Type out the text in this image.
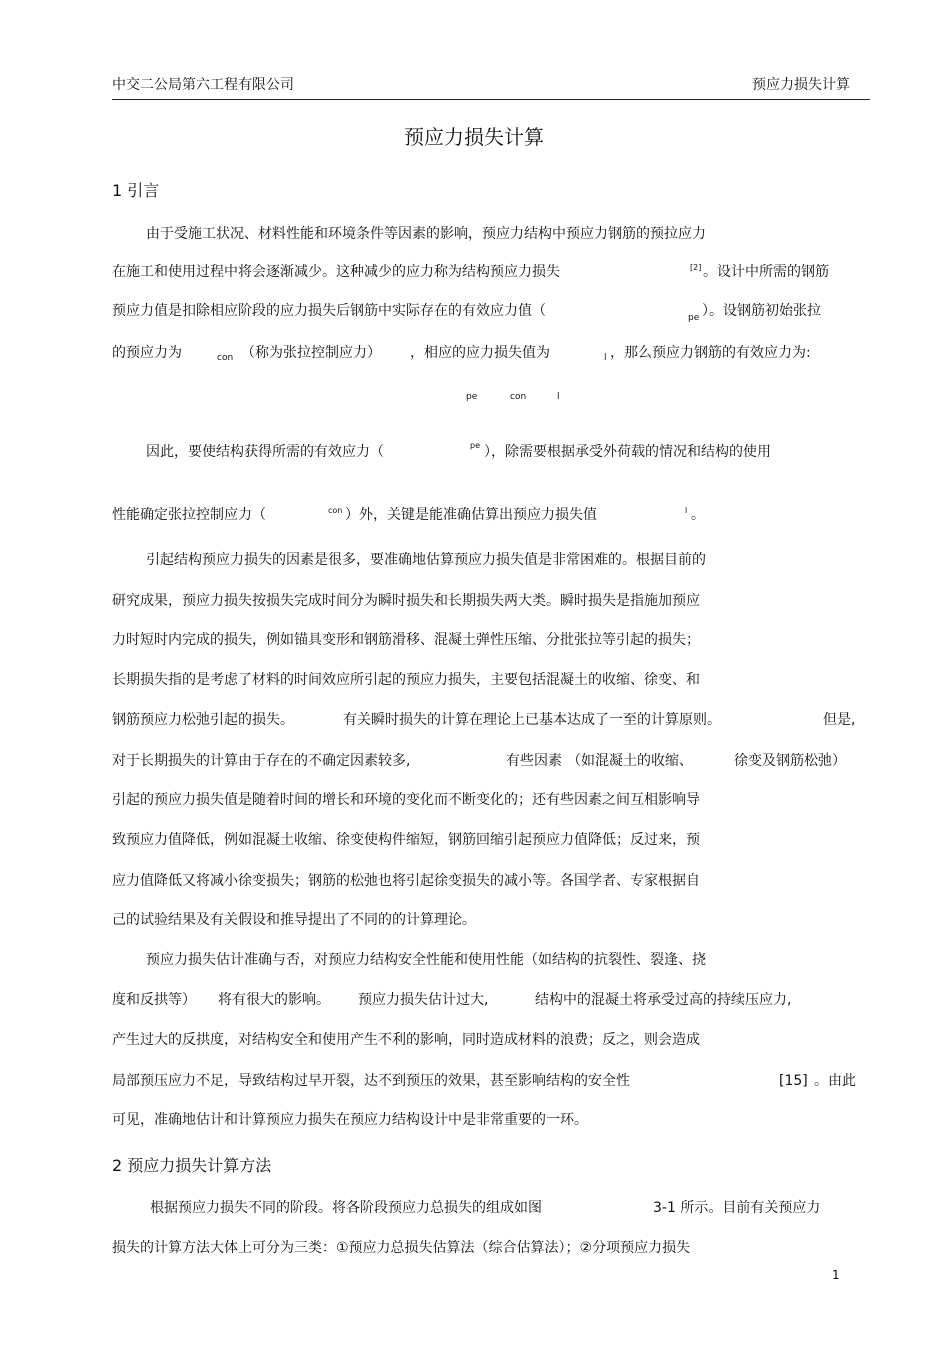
中交二公局第六工程有限公司	预应力损失计算
预应力损失计算
1 引言
由于受施工状况、材料性能和环境条件等因素的影响，预应力结构中预应力钢筋的预拉应力
在施工和使用过程中将会逐渐减少。这种减少的应力称为结构预应力损失	[2] 。设计中所需的钢筋
预应力值是扣除相应阶段的应力损失后钢筋中实际存在的有效应力值（	pe ）。设钢筋初始张拉
的预应力为	con （称为张拉控制应力） ，相应的应力损失值为	l ，那么预应力钢筋的有效应力为:
pe	con	l
因此，要使结构获得所需的有效应力（	pe ），除需要根据承受外荷载的情况和结构的使用
性能确定张拉控制应力（	con ）外，关键是能准确估算出预应力损失值	l 。
引起结构预应力损失的因素是很多，要准确地估算预应力损失值是非常困难的。根据目前的
研究成果，预应力损失按损失完成时间分为瞬时损失和长期损失两大类。瞬时损失是指施加预应
力时短时内完成的损失，例如锚具变形和钢筋滑移、混凝土弹性压缩、分批张拉等引起的损失；
长期损失指的是考虑了材料的时间效应所引起的预应力损失，主要包括混凝土的收缩、徐变、和
钢筋预应力松弛引起的损失。	有关瞬时损失的计算在理论上已基本达成了一至的计算原则。	但是,
对于长期损失的计算由于存在的不确定因素较多,	有些因素 （如混凝土的收缩、	徐变及钢筋松弛）
引起的预应力损失值是随着时间的增长和环境的变化而不断变化的；还有些因素之间互相影响导
致预应力值降低，例如混凝土收缩、徐变使构件缩短，钢筋回缩引起预应力值降低；反过来，预
应力值降低又将减小徐变损失；钢筋的松弛也将引起徐变损失的减小等。各国学者、专家根据自
己的试验结果及有关假设和推导提出了不同的的计算理论。
预应力损失估计准确与否，对预应力结构安全性能和使用性能（如结构的抗裂性、裂逢、挠
度和反拱等） 将有很大的影响。 预应力损失估计过大,	结构中的混凝土将承受过高的持续压应力,
产生过大的反拱度，对结构安全和使用产生不利的影响，同时造成材料的浪费；反之，则会造成
局部预压应力不足，导致结构过早开裂，达不到预压的效果，甚至影响结构的安全性	[15] 。由此
可见，准确地估计和计算预应力损失在预应力结构设计中是非常重要的一环。
2 预应力损失计算方法
根据预应力损失不同的阶段。将各阶段预应力总损失的组成如图	3-1 所示。目前有关预应力
损失的计算方法大体上可分为三类：①预应力总损失估算法（综合估算法）；②分项预应力损失
1
